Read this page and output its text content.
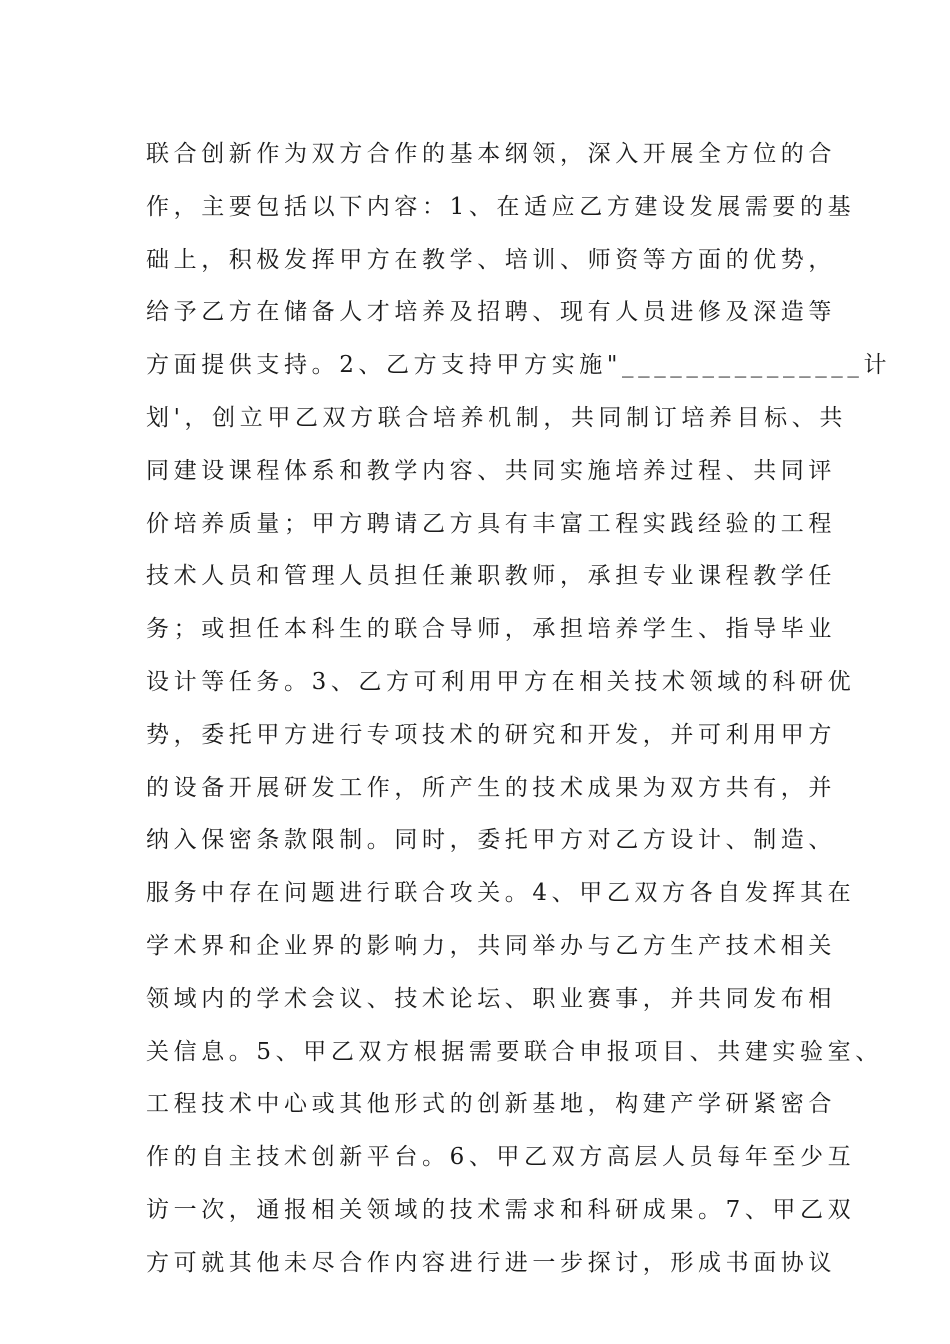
联合创新作为双方合作的基本纲领，深入开展全方位的合
作，主要包括以下内容：1、在适应乙方建设发展需要的基
础上，积极发挥甲方在教学、培训、师资等方面的优势，
给予乙方在储备人才培养及招聘、现有人员进修及深造等
方面提供支持。2、乙方支持甲方实施"_______________计
划'，创立甲乙双方联合培养机制，共同制订培养目标、共
同建设课程体系和教学内容、共同实施培养过程、共同评
价培养质量；甲方聘请乙方具有丰富工程实践经验的工程
技术人员和管理人员担任兼职教师，承担专业课程教学任
务；或担任本科生的联合导师，承担培养学生、指导毕业
设计等任务。3、乙方可利用甲方在相关技术领域的科研优
势，委托甲方进行专项技术的研究和开发，并可利用甲方
的设备开展研发工作，所产生的技术成果为双方共有，并
纳入保密条款限制。同时，委托甲方对乙方设计、制造、
服务中存在问题进行联合攻关。4、甲乙双方各自发挥其在
学术界和企业界的影响力，共同举办与乙方生产技术相关
领域内的学术会议、技术论坛、职业赛事，并共同发布相
关信息。5、甲乙双方根据需要联合申报项目、共建实验室、
工程技术中心或其他形式的创新基地，构建产学研紧密合
作的自主技术创新平台。6、甲乙双方高层人员每年至少互
访一次，通报相关领域的技术需求和科研成果。7、甲乙双
方可就其他未尽合作内容进行进一步探讨，形成书面协议
